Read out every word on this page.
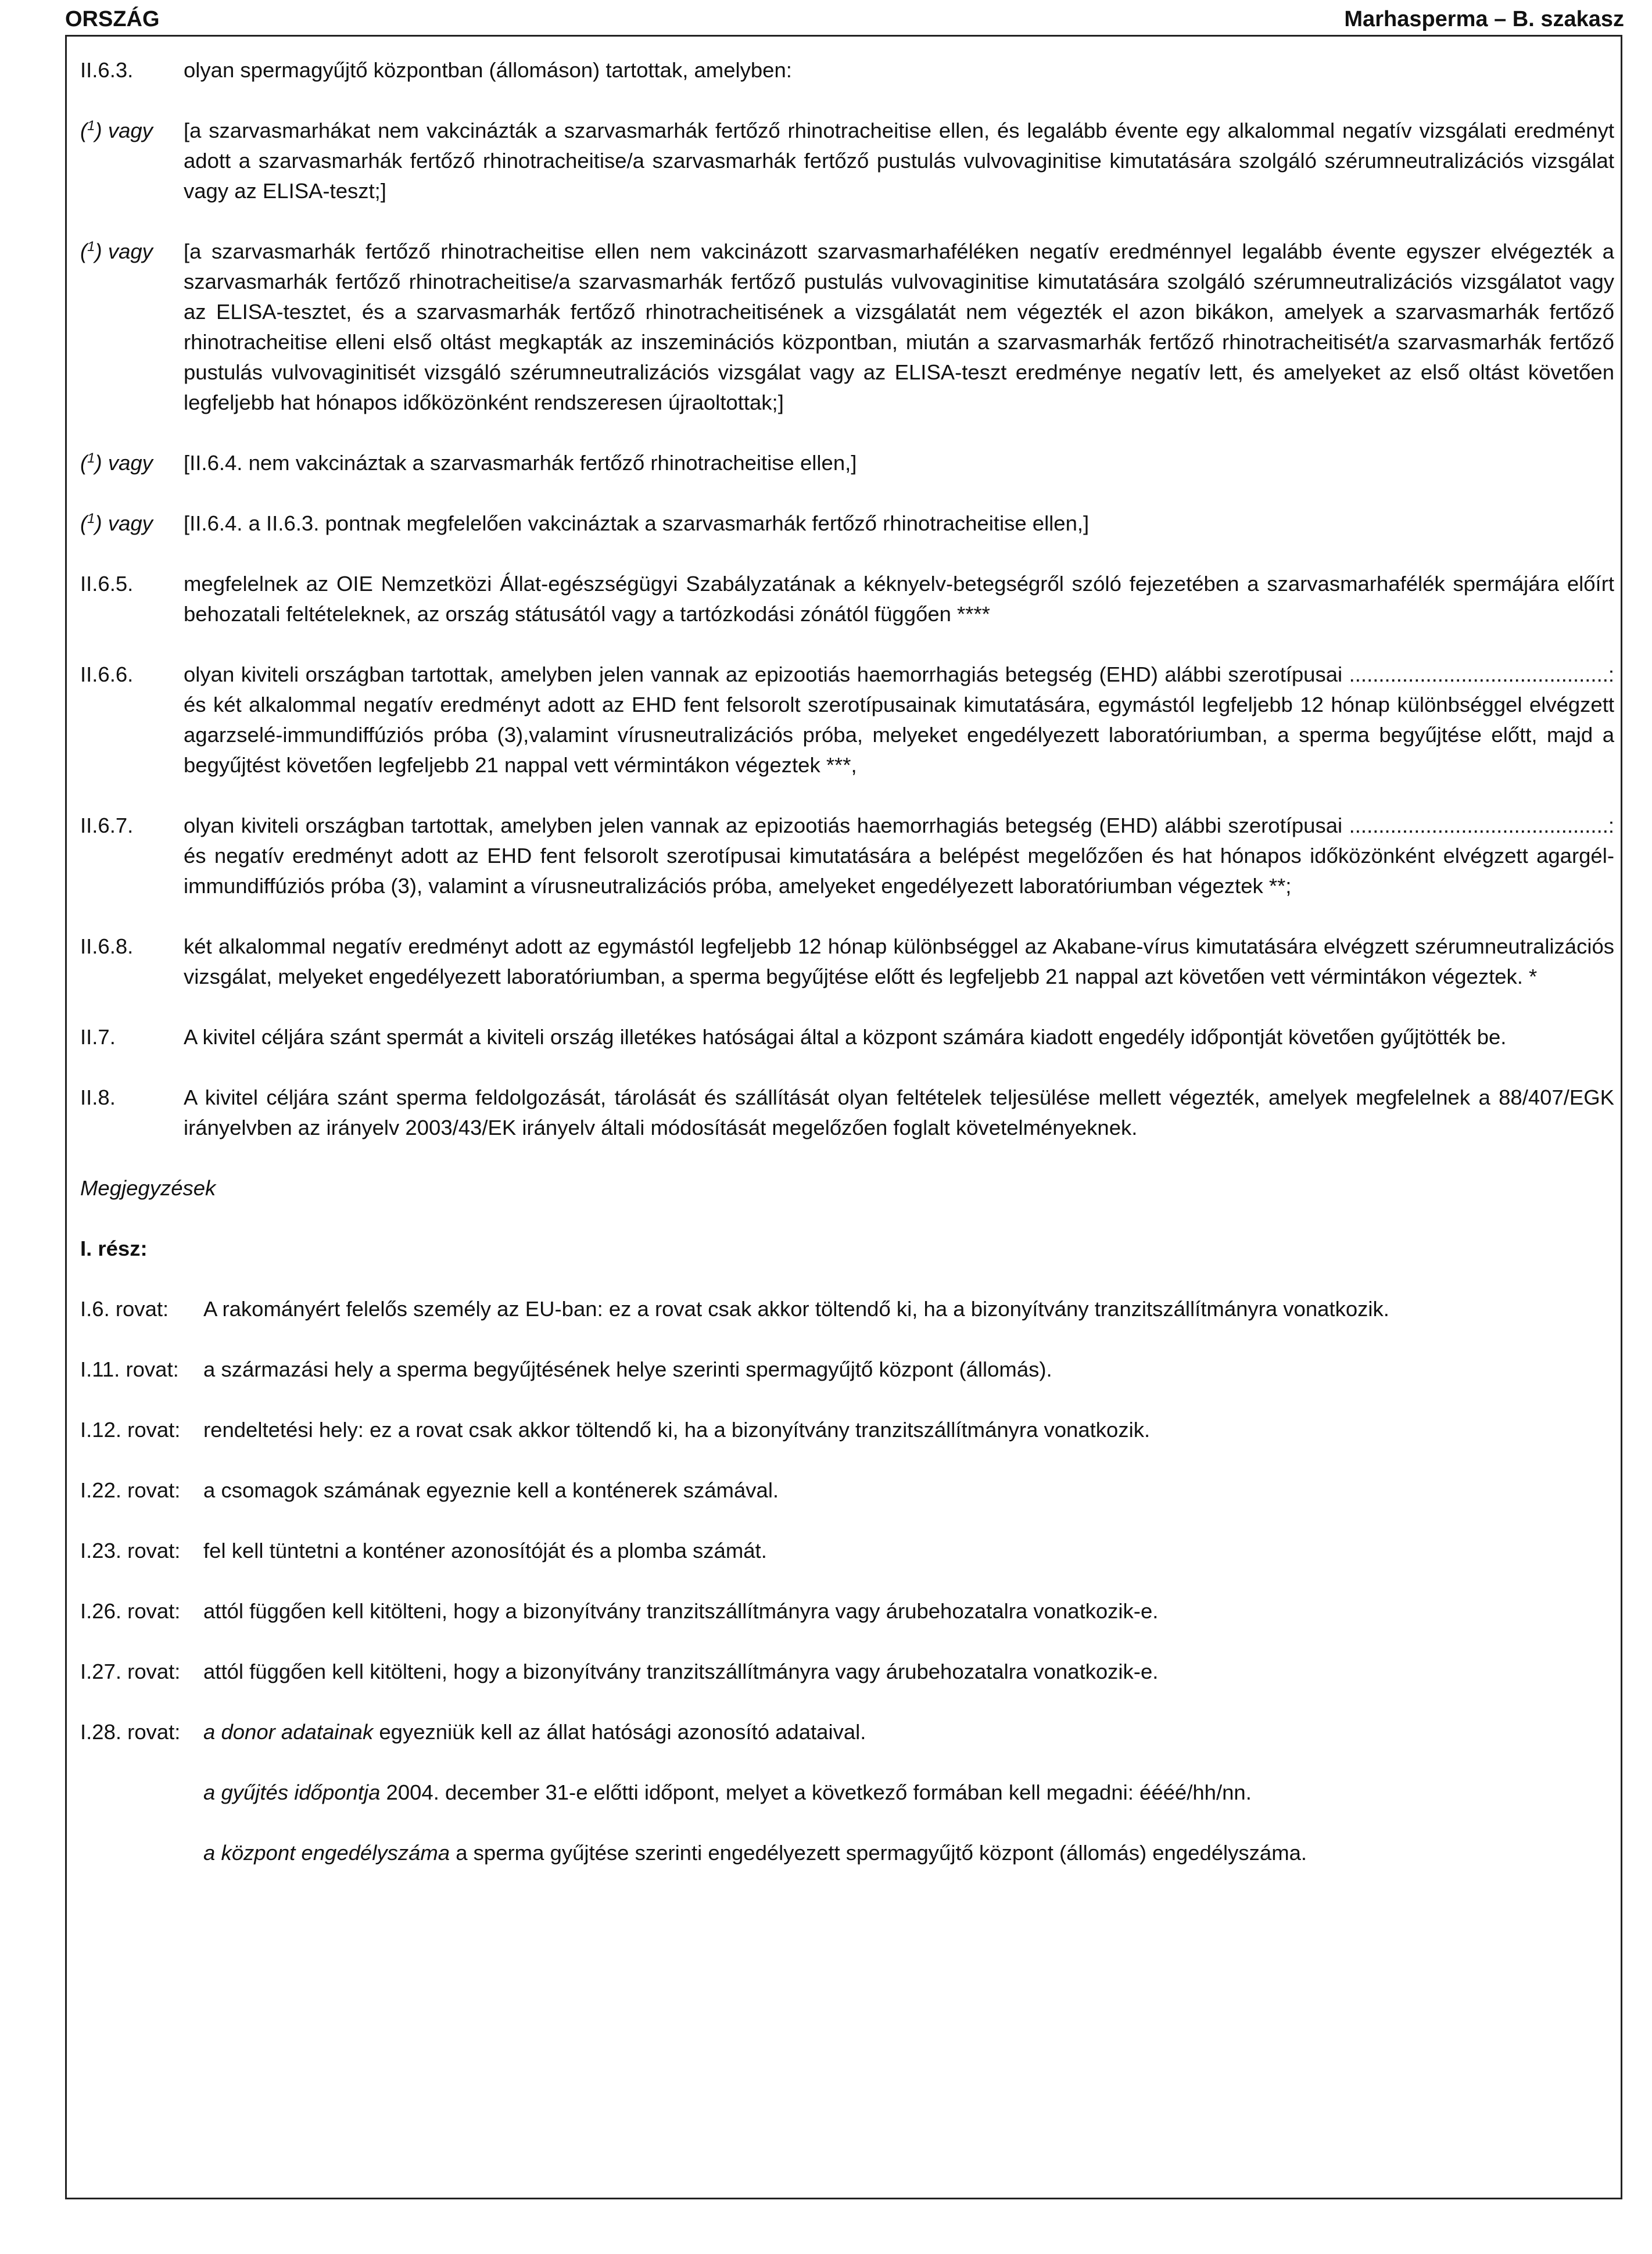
ORSZÁG	Marhasperma – B. szakasz
II.6.3.	olyan spermagyűjtő központban (állomáson) tartottak, amelyben:
($^1$) vagy	[a szarvasmarhákat nem vakcinázták a szarvasmarhák fertőző rhinotracheitise ellen, és legalább évente egy alkalommal negatív vizsgálati eredményt adott a szarvasmarhák fertőző rhinotracheitise/a szarvasmarhák fertőző pustulás vulvovaginitise kimutatására szolgáló szérumneutralizációs vizsgálat vagy az ELISA-teszt;]
($^1$) vagy	[a szarvasmarhák fertőző rhinotracheitise ellen nem vakcinázott szarvasmarhaféléken negatív eredménnyel legalább évente egyszer elvégezték a szarvasmarhák fertőző rhinotracheitise/a szarvasmarhák fertőző pustulás vulvovaginitise kimutatására szolgáló szérumneutralizációs vizsgálatot vagy az ELISA-tesztet, és a szarvasmarhák fertőző rhinotracheitisének a vizsgálatát nem végezték el azon bikákon, amelyek a szarvasmarhák fertőző rhinotracheitise elleni első oltást megkapták az inszeminációs központban, miután a szarvasmarhák fertőző rhinotracheitisét/a szarvasmarhák fertőző pustulás vulvovaginitisét vizsgáló szérumneutralizációs vizsgálat vagy az ELISA-teszt eredménye negatív lett, és amelyeket az első oltást követően legfeljebb hat hónapos időközönként rendszeresen újraoltottak;]
($^1$) vagy	[II.6.4. nem vakcináztak a szarvasmarhák fertőző rhinotracheitise ellen,]
($^1$) vagy	[II.6.4. a II.6.3. pontnak megfelelően vakcináztak a szarvasmarhák fertőző rhinotracheitise ellen,]
II.6.5.	megfelelnek az OIE Nemzetközi Állat-egészségügyi Szabályzatának a kéknyelv-betegségről szóló fejezetében a szarvasmarhafélék spermájára előírt behozatali feltételeknek, az ország státusától vagy a tartózkodási zónától függően ****
II.6.6.	olyan kiviteli országban tartottak, amelyben jelen vannak az epizootiás haemorrhagiás betegség (EHD) alábbi szerotípusai ............................................: és két alkalommal negatív eredményt adott az EHD fent felsorolt szerotípusainak kimutatására, egymástól legfeljebb 12 hónap különbséggel elvégzett agarzselé-immundiffúziós próba (3),valamint vírusneutralizációs próba, melyeket engedélyezett laboratóriumban, a sperma begyűjtése előtt, majd a begyűjtést követően legfeljebb 21 nappal vett vérmintákon végeztek ***,
II.6.7.	olyan kiviteli országban tartottak, amelyben jelen vannak az epizootiás haemorrhagiás betegség (EHD) alábbi szerotípusai ............................................: és negatív eredményt adott az EHD fent felsorolt szerotípusai kimutatására a belépést megelőzően és hat hónapos időközönként elvégzett agargél-immundiffúziós próba (3), valamint a vírusneutralizációs próba, amelyeket engedélyezett laboratóriumban végeztek **;
II.6.8.	két alkalommal negatív eredményt adott az egymástól legfeljebb 12 hónap különbséggel az Akabane-vírus kimutatására elvégzett szérumneutralizációs vizsgálat, melyeket engedélyezett laboratóriumban, a sperma begyűjtése előtt és legfeljebb 21 nappal azt követően vett vérmintákon végeztek. *
II.7.	A kivitel céljára szánt spermát a kiviteli ország illetékes hatóságai által a központ számára kiadott engedély időpontját követően gyűjtötték be.
II.8.	A kivitel céljára szánt sperma feldolgozását, tárolását és szállítását olyan feltételek teljesülése mellett végezték, amelyek megfelelnek a 88/407/EGK irányelvben az irányelv 2003/43/EK irányelv általi módosítását megelőzően foglalt követelményeknek.
Megjegyzések
I. rész:
I.6. rovat:	A rakományért felelős személy az EU-ban: ez a rovat csak akkor töltendő ki, ha a bizonyítvány tranzitszállítmányra vonatkozik.
I.11. rovat:	a származási hely a sperma begyűjtésének helye szerinti spermagyűjtő központ (állomás).
I.12. rovat:	rendeltetési hely: ez a rovat csak akkor töltendő ki, ha a bizonyítvány tranzitszállítmányra vonatkozik.
I.22. rovat:	a csomagok számának egyeznie kell a konténerek számával.
I.23. rovat:	fel kell tüntetni a konténer azonosítóját és a plomba számát.
I.26. rovat:	attól függően kell kitölteni, hogy a bizonyítvány tranzitszállítmányra vagy árubehozatalra vonatkozik-e.
I.27. rovat:	attól függően kell kitölteni, hogy a bizonyítvány tranzitszállítmányra vagy árubehozatalra vonatkozik-e.
I.28. rovat:	a donor adatainak egyezniük kell az állat hatósági azonosító adataival.
a gyűjtés időpontja 2004. december 31-e előtti időpont, melyet a következő formában kell megadni: éééé/hh/nn.
a központ engedélyszáma a sperma gyűjtése szerinti engedélyezett spermagyűjtő központ (állomás) engedélyszáma.
